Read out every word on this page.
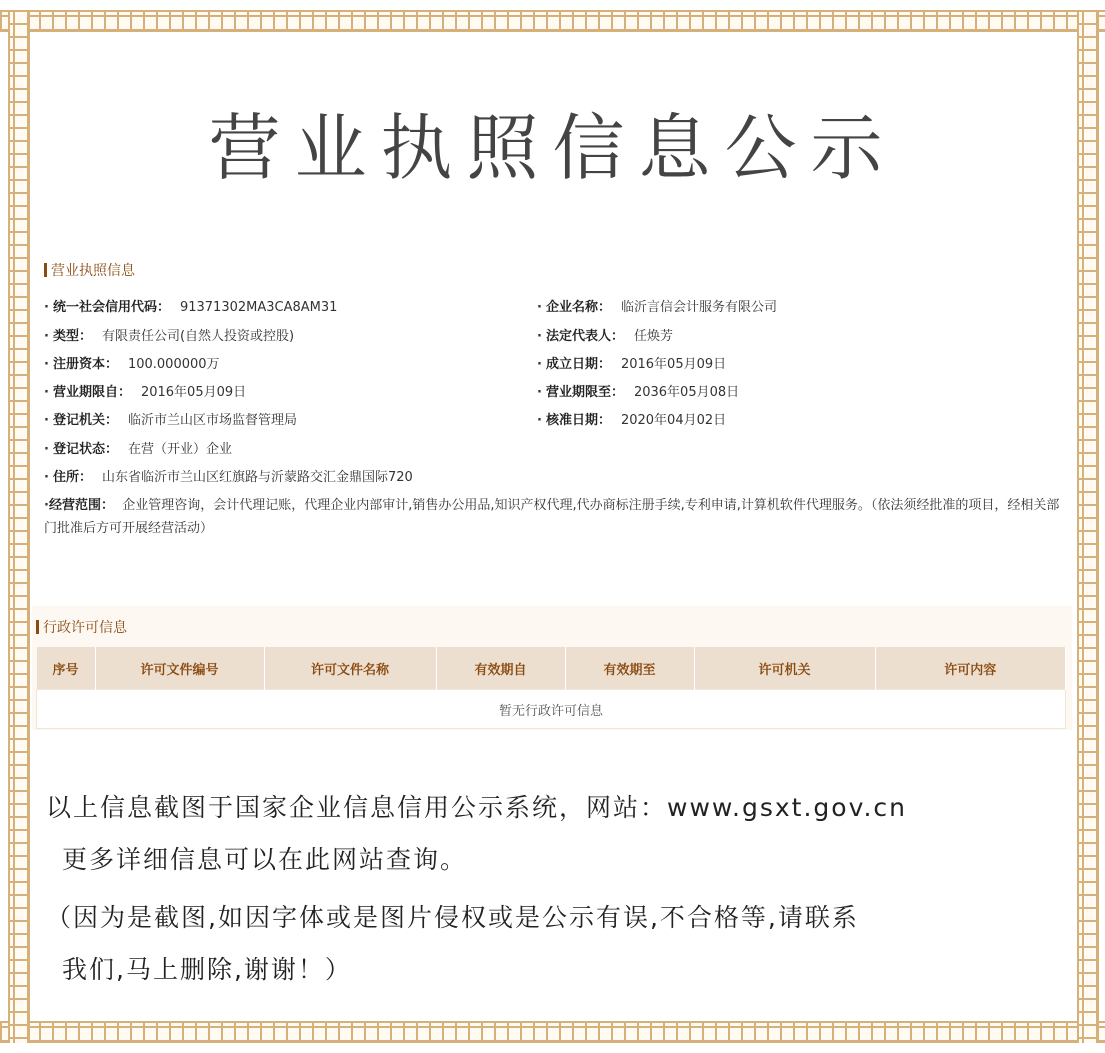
营业执照信息公示
营业执照信息
· 统一社会信用代码： 91371302MA3CA8AM31
· 类型： 有限责任公司(自然人投资或控股)
· 注册资本： 100.000000万
· 营业期限自： 2016年05月09日
· 登记机关： 临沂市兰山区市场监督管理局
· 登记状态： 在营（开业）企业
· 住所： 山东省临沂市兰山区红旗路与沂蒙路交汇金鼎国际720
· 企业名称： 临沂言信会计服务有限公司
· 法定代表人： 任焕芳
· 成立日期： 2016年05月09日
· 营业期限至： 2036年05月08日
· 核准日期： 2020年04月02日
·经营范围： 企业管理咨询，会计代理记账，代理企业内部审计,销售办公用品,知识产权代理,代办商标注册手续,专利申请,计算机软件代理服务。（依法须经批准的项目，经相关部门批准后方可开展经营活动）
行政许可信息
序号	许可文件编号	许可文件名称	有效期自	有效期至	许可机关	许可内容
暂无行政许可信息
以上信息截图于国家企业信息信用公示系统，网站：www.gsxt.gov.cn
更多详细信息可以在此网站查询。
（因为是截图,如因字体或是图片侵权或是公示有误,不合格等,请联系
我们,马上删除,谢谢！）
